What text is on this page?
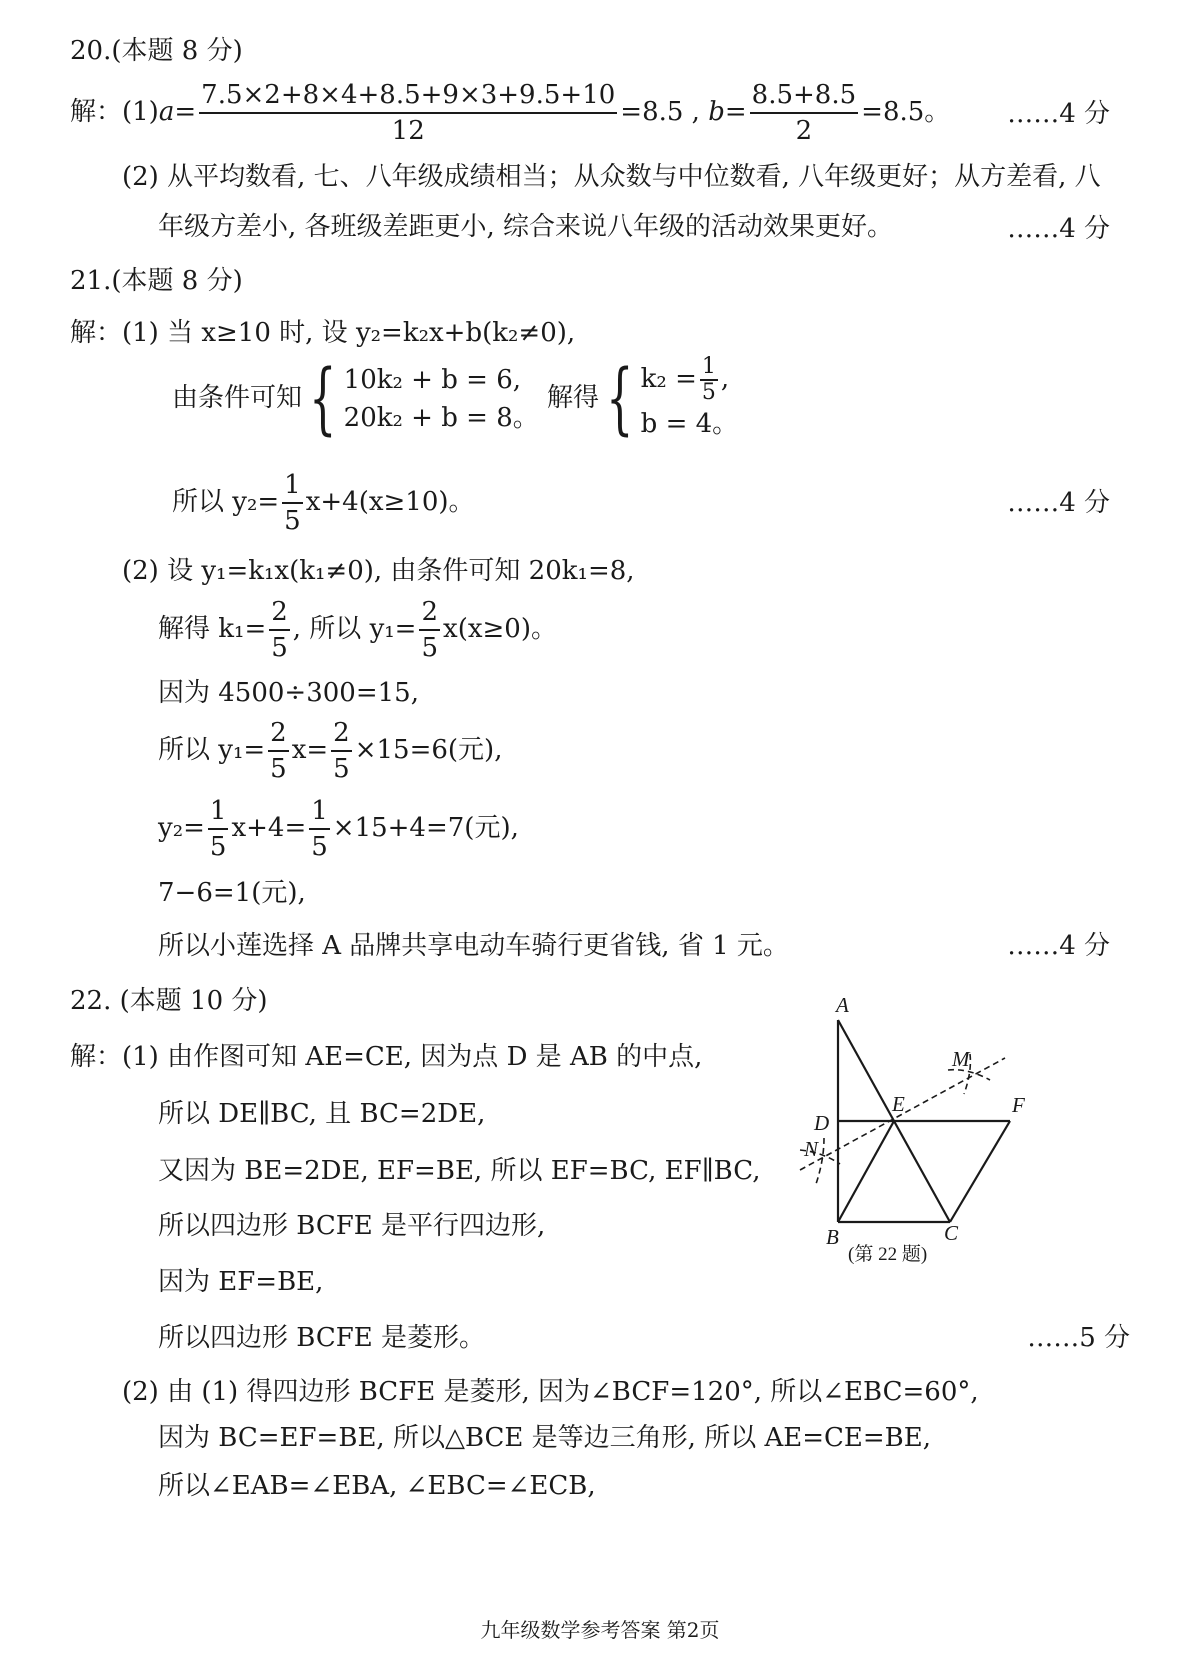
20.(本题 8 分)
解：$(1)a= \frac{7.5\times 2+8\times 4+8.5+9\times 3+9.5+10}{12} =8.5$ , $b= \frac{8.5+8.5}{2} =8.5$。 ……4 分
(2) 从平均数看, 七、八年级成绩相当；从众数与中位数看, 八年级更好；从方差看, 八
年级方差小, 各班级差距更小, 综合来说八年级的活动效果更好。	……4 分
21.(本题 8 分)
解：(1) 当 x≥10 时, 设 y₂=k₂x+b(k₂≠0),
由条件可知{ 10k₂ + b = 6,
20k₂ + b = 8。 解得{ $k_2 = \frac{1}{5}$ ,
b = 4。
所以 $y_2= \frac{1}{5} x+4(x\ge 10)$。	……4 分
(2) 设 y₁=k₁x(k₁≠0), 由条件可知 20k₁=8,
解得 $k_1= \frac{2}{5}$ , 所以 $y_1= \frac{2}{5} x(x\ge 0)$。
因为 4500÷300=15,
所以 $y_1= \frac{2}{5} x= \frac{2}{5} \times 15=6$(元),
$y_2= \frac{1}{5} x+4= \frac{1}{5} \times 15+4=7$(元),
7−6=1(元),
所以小莲选择 A 品牌共享电动车骑行更省钱, 省 1 元。	……4 分
22. (本题 10 分)
解：(1) 由作图可知 AE=CE, 因为点 D 是 AB 的中点,
所以 DE∥BC, 且 BC=2DE,
又因为 BE=2DE, EF=BE, 所以 EF=BC, EF∥BC,
所以四边形 BCFE 是平行四边形,
因为 EF=BE,
所以四边形 BCFE 是菱形。	……5 分
(2) 由 (1) 得四边形 BCFE 是菱形, 因为∠BCF=120°, 所以∠EBC=60°,
因为 BC=EF=BE, 所以△BCE 是等边三角形, 所以 AE=CE=BE,
所以∠EAB=∠EBA, ∠EBC=∠ECB,
A
M
E	F
D
N
B	C
(第 22 题)
九年级数学参考答案 第2页
